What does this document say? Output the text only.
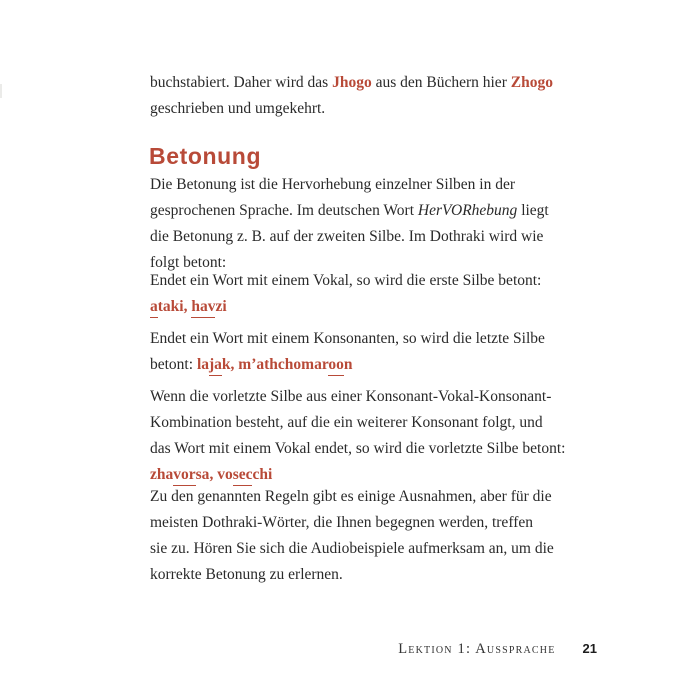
buchstabiert. Daher wird das Jhogo aus den Büchern hier Zhogo
geschrieben und umgekehrt.
Betonung
Die Betonung ist die Hervorhebung einzelner Silben in der
gesprochenen Sprache. Im deutschen Wort HerVORhebung liegt
die Betonung z. B. auf der zweiten Silbe. Im Dothraki wird wie
folgt betont:
Endet ein Wort mit einem Vokal, so wird die erste Silbe betont:
ataki, havzi
Endet ein Wort mit einem Konsonanten, so wird die letzte Silbe
betont: lajak, m’athchomaroon
Wenn die vorletzte Silbe aus einer Konsonant-Vokal-Konsonant-
Kombination besteht, auf die ein weiterer Konsonant folgt, und
das Wort mit einem Vokal endet, so wird die vorletzte Silbe betont:
zhavorsa, vosecchi
Zu den genannten Regeln gibt es einige Ausnahmen, aber für die
meisten Dothraki-Wörter, die Ihnen begegnen werden, treffen
sie zu. Hören Sie sich die Audiobeispiele aufmerksam an, um die
korrekte Betonung zu erlernen.
Lektion 1: Aussprache 21
